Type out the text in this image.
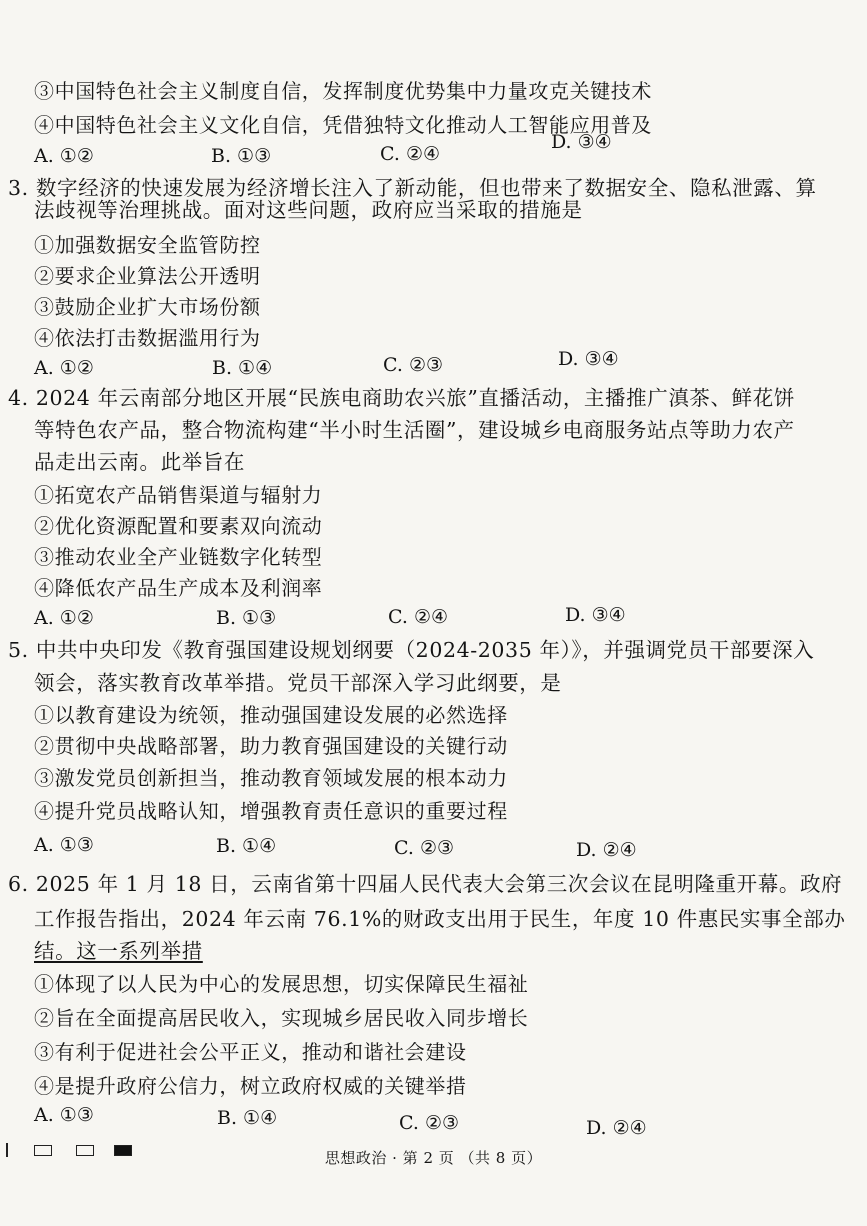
③中国特色社会主义制度自信，发挥制度优势集中力量攻克关键技术
④中国特色社会主义文化自信，凭借独特文化推动人工智能应用普及
A. ①②	B. ①③	C. ②④
D. ③④
3. 数字经济的快速发展为经济增长注入了新动能，但也带来了数据安全、隐私泄露、算
法歧视等治理挑战。面对这些问题，政府应当采取的措施是
①加强数据安全监管防控
②要求企业算法公开透明
③鼓励企业扩大市场份额
④依法打击数据滥用行为
A. ①②	B. ①④	C. ②③	D. ③④
4. 2024 年云南部分地区开展“民族电商助农兴旅”直播活动，主播推广滇茶、鲜花饼
等特色农产品，整合物流构建“半小时生活圈”，建设城乡电商服务站点等助力农产
品走出云南。此举旨在
①拓宽农产品销售渠道与辐射力
②优化资源配置和要素双向流动
③推动农业全产业链数字化转型
④降低农产品生产成本及利润率
A. ①②	B. ①③	C. ②④	D. ③④
5. 中共中央印发《教育强国建设规划纲要（2024-2035 年）》，并强调党员干部要深入
领会，落实教育改革举措。党员干部深入学习此纲要，是
①以教育建设为统领，推动强国建设发展的必然选择
②贯彻中央战略部署，助力教育强国建设的关键行动
③激发党员创新担当，推动教育领域发展的根本动力
④提升党员战略认知，增强教育责任意识的重要过程
A. ①③	B. ①④	C. ②③	D. ②④
6. 2025 年 1 月 18 日，云南省第十四届人民代表大会第三次会议在昆明隆重开幕。政府
工作报告指出，2024 年云南 76.1%的财政支出用于民生，年度 10 件惠民实事全部办
结。这一系列举措
①体现了以人民为中心的发展思想，切实保障民生福祉
②旨在全面提高居民收入，实现城乡居民收入同步增长
③有利于促进社会公平正义，推动和谐社会建设
④是提升政府公信力，树立政府权威的关键举措
A. ①③	B. ①④	C. ②③	D. ②④
思想政治 · 第 2 页 （共 8 页）
